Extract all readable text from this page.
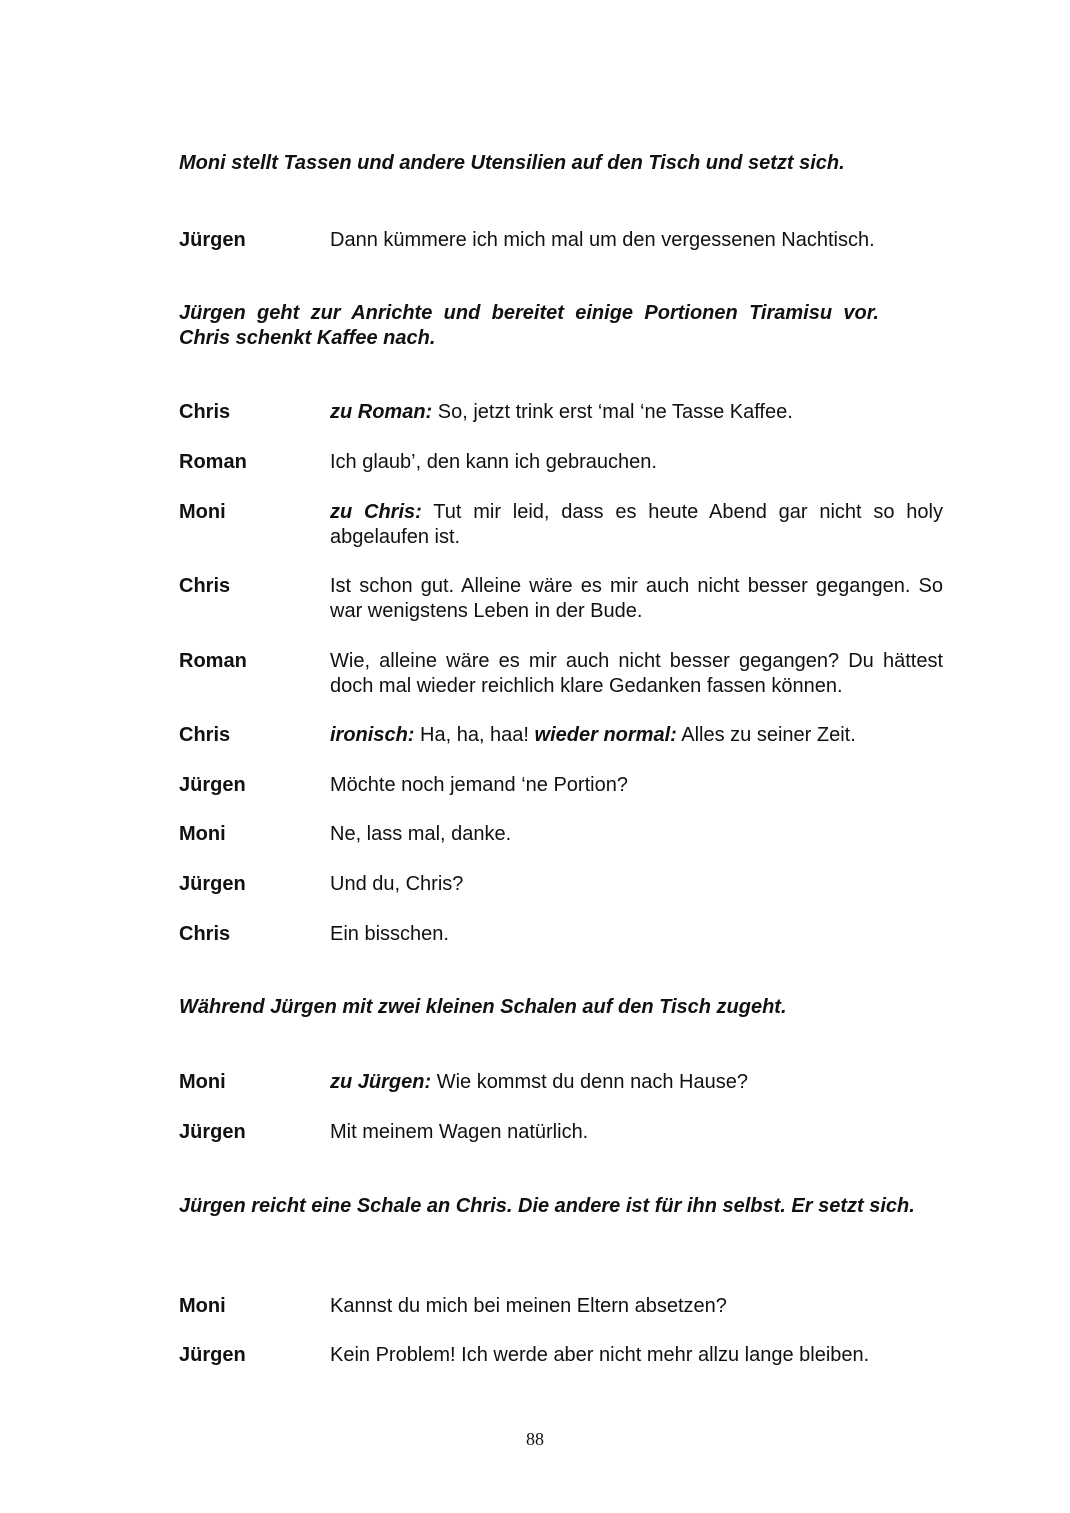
Moni stellt Tassen und andere Utensilien auf den Tisch und setzt sich.
Jürgen	Dann kümmere ich mich mal um den vergessenen Nachtisch.
Jürgen geht zur Anrichte und bereitet einige Portionen Tiramisu vor. Chris schenkt Kaffee nach.
Chris	zu Roman: So, jetzt trink erst ‘mal ‘ne Tasse Kaffee.
Roman	Ich glaub’, den kann ich gebrauchen.
Moni	zu Chris: Tut mir leid, dass es heute Abend gar nicht so holy abgelaufen ist.
Chris	Ist schon gut. Alleine wäre es mir auch nicht besser gegangen. So war wenigstens Leben in der Bude.
Roman	Wie, alleine wäre es mir auch nicht besser gegangen? Du hättest doch mal wieder reichlich klare Gedanken fassen können.
Chris	ironisch: Ha, ha, haa! wieder normal: Alles zu seiner Zeit.
Jürgen	Möchte noch jemand ‘ne Portion?
Moni	Ne, lass mal, danke.
Jürgen	Und du, Chris?
Chris	Ein bisschen.
Während Jürgen mit zwei kleinen Schalen auf den Tisch zugeht.
Moni	zu Jürgen: Wie kommst du denn nach Hause?
Jürgen	Mit meinem Wagen natürlich.
Jürgen reicht eine Schale an Chris. Die andere ist für ihn selbst. Er setzt sich.
Moni	Kannst du mich bei meinen Eltern absetzen?
Jürgen	Kein Problem! Ich werde aber nicht mehr allzu lange bleiben.
88
